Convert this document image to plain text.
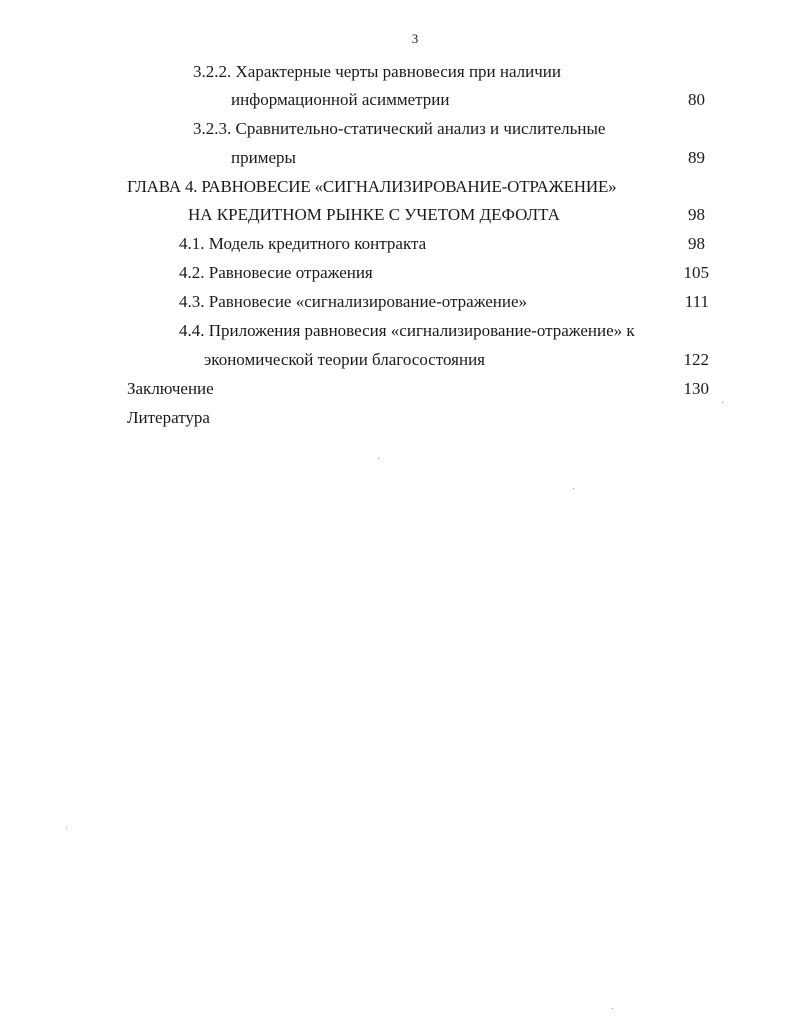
3
3.2.2. Характерные черты равновесия при наличии
информационной асимметрии	80
3.2.3. Сравнительно-статический анализ и числительные
примеры	89
ГЛАВА 4. РАВНОВЕСИЕ «СИГНАЛИЗИРОВАНИЕ-ОТРАЖЕНИЕ»
НА КРЕДИТНОМ РЫНКЕ С УЧЕТОМ ДЕФОЛТА	98
4.1. Модель кредитного контракта	98
4.2. Равновесие отражения	105
4.3. Равновесие «сигнализирование-отражение»	111
4.4. Приложения равновесия «сигнализирование-отражение» к
экономической теории благосостояния	122
Заключение	130
Литература
